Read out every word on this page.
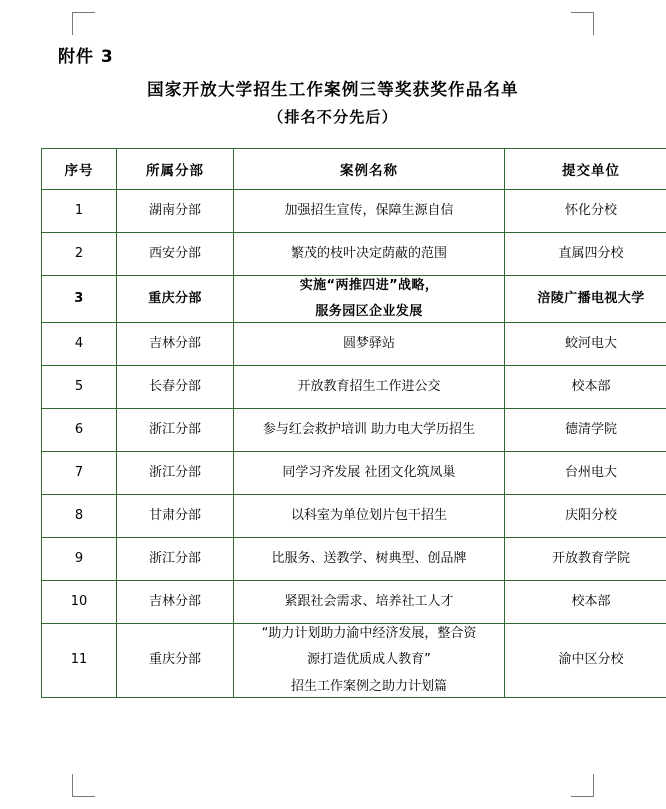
附件 3
国家开放大学招生工作案例三等奖获奖作品名单
（排名不分先后）
序号	所属分部	案例名称	提交单位
1	湖南分部	加强招生宣传，保障生源自信	怀化分校
2	西安分部	繁茂的枝叶决定荫蔽的范围	直属四分校
3	重庆分部	实施“两推四进”战略，
服务园区企业发展	涪陵广播电视大学
4	吉林分部	圆梦驿站	蛟河电大
5	长春分部	开放教育招生工作进公交	校本部
6	浙江分部	参与红会救护培训 助力电大学历招生	德清学院
7	浙江分部	同学习齐发展 社团文化筑凤巢	台州电大
8	甘肃分部	以科室为单位划片包干招生	庆阳分校
9	浙江分部	比服务、送教学、树典型、创品牌	开放教育学院
10	吉林分部	紧跟社会需求、培养社工人才	校本部
11	重庆分部	“助力计划助力渝中经济发展，整合资
源打造优质成人教育”
招生工作案例之助力计划篇	渝中区分校
